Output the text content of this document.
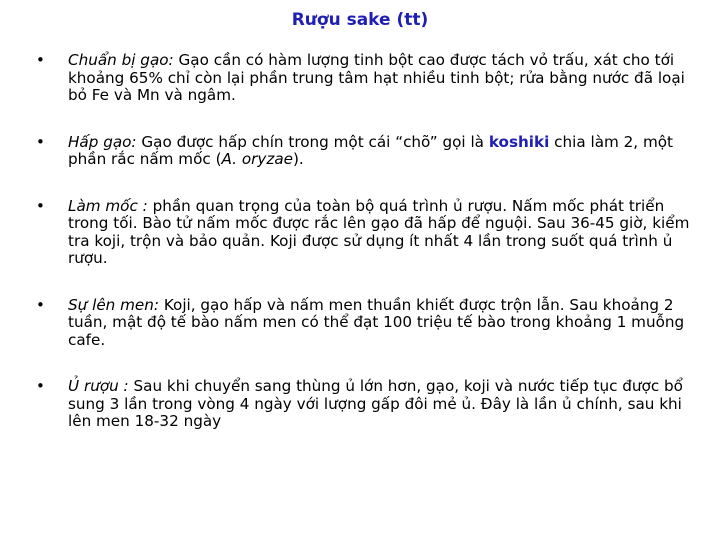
Rượu sake (tt)
• Chuẩn bị gạo: Gạo cần có hàm lượng tinh bột cao được tách vỏ trấu, xát cho tới khoảng 65% chỉ còn lại phần trung tâm hạt nhiều tinh bột; rửa bằng nước đã loại bỏ Fe và Mn và ngâm.
• Hấp gạo: Gạo được hấp chín trong một cái “chõ” gọi là koshiki chia làm 2, một phần rắc nấm mốc (A. oryzae).
• Làm mốc : phần quan trọng của toàn bộ quá trình ủ rượu. Nấm mốc phát triển trong tối. Bào tử nấm mốc được rắc lên gạo đã hấp để nguội. Sau 36-45 giờ, kiểm tra koji, trộn và bảo quản. Koji được sử dụng ít nhất 4 lần trong suốt quá trình ủ rượu.
• Sự lên men: Koji, gạo hấp và nấm men thuần khiết được trộn lẫn. Sau khoảng 2 tuần, mật độ tế bào nấm men có thể đạt 100 triệu tế bào trong khoảng 1 muỗng cafe.
• Ủ rượu : Sau khi chuyển sang thùng ủ lớn hơn, gạo, koji và nước tiếp tục được bổ sung 3 lần trong vòng 4 ngày với lượng gấp đôi mẻ ủ. Đây là lần ủ chính, sau khi lên men 18-32 ngày
